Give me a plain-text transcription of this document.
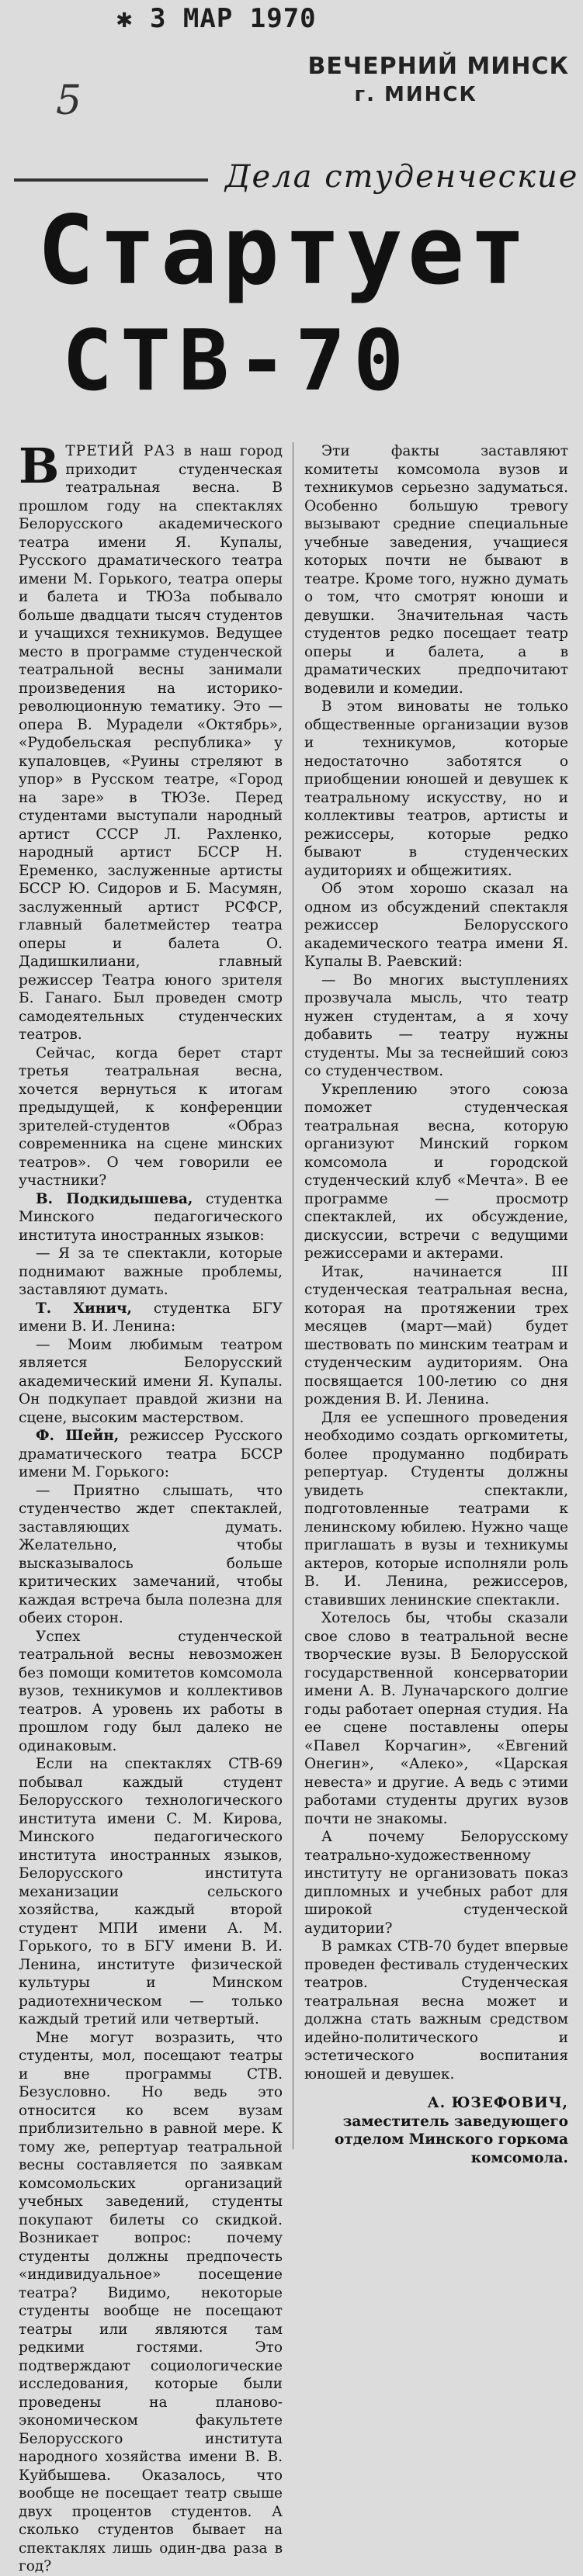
✱ 3 МАР 1970
ВЕЧЕРНИЙ МИНСК
г. МИНСК
5
Дела студенческие
Стартует
СТВ-70

ВТРЕТИЙ РАЗ в наш город приходит студенческая театральная весна. В прошлом году на спектаклях Белорусского академического театра имени Я. Купалы, Русского драматического театра имени М. Горького, театра оперы и балета и ТЮЗа побывало больше двадцати тысяч студентов и учащихся техникумов. Ведущее место в программе студенческой театральной весны занимали произведения на историко-революционную тематику. Это — опера В. Мурадели «Октябрь», «Рудобельская республика» у купаловцев, «Руины стреляют в упор» в Русском театре, «Город на заре» в ТЮЗе. Перед студентами выступали народный артист СССР Л. Рахленко, народный артист БССР Н. Еременко, заслуженные артисты БССР Ю. Сидоров и Б. Масумян, заслуженный артист РСФСР, главный балетмейстер театра оперы и балета О. Дадишкилиани, главный режиссер Театра юного зрителя Б. Ганаго. Был проведен смотр самодеятельных студенческих театров.

Сейчас, когда берет старт третья театральная весна, хочется вернуться к итогам предыдущей, к конференции зрителей-студентов «Образ современника на сцене минских театров». О чем говорили ее участники?

В. Подкидышева, студентка Минского педагогического института иностранных языков:

— Я за те спектакли, которые поднимают важные проблемы, заставляют думать.

Т. Хинич, студентка БГУ имени В. И. Ленина:

— Моим любимым театром является Белорусский академический имени Я. Купалы. Он подкупает правдой жизни на сцене, высоким мастерством.

Ф. Шейн, режиссер Русского драматического театра БССР имени М. Горького:

— Приятно слышать, что студенчество ждет спектаклей, заставляющих думать. Желательно, чтобы высказывалось больше критических замечаний, чтобы каждая встреча была полезна для обеих сторон.

Успех студенческой театральной весны невозможен без помощи комитетов комсомола вузов, техникумов и коллективов театров. А уровень их работы в прошлом году был далеко не одинаковым.

Если на спектаклях СТВ-69 побывал каждый студент Белорусского технологического института имени С. М. Кирова, Минского педагогического института иностранных языков, Белорусского института механизации сельского хозяйства, каждый второй студент МПИ имени А. М. Горького, то в БГУ имени В. И. Ленина, институте физической культуры и Минском радиотехническом — только каждый третий или четвертый.

Мне могут возразить, что студенты, мол, посещают театры и вне программы СТВ. Безусловно. Но ведь это относится ко всем вузам приблизительно в равной мере. К тому же, репертуар театральной весны составляется по заявкам комсомольских организаций учебных заведений, студенты покупают билеты со скидкой. Возникает вопрос: почему студенты должны предпочесть «индивидуальное» посещение театра? Видимо, некоторые студенты вообще не посещают театры или являются там редкими гостями. Это подтверждают социологические исследования, которые были проведены на планово-экономическом факультете Белорусского института народного хозяйства имени В. В. Куйбышева. Оказалось, что вообще не посещает театр свыше двух процентов студентов. А сколько студентов бывает на спектаклях лишь один-два раза в год?

Эти факты заставляют комитеты комсомола вузов и техникумов серьезно задуматься. Особенно большую тревогу вызывают средние специальные учебные заведения, учащиеся которых почти не бывают в театре. Кроме того, нужно думать о том, что смотрят юноши и девушки. Значительная часть студентов редко посещает театр оперы и балета, а в драматических предпочитают водевили и комедии.

В этом виноваты не только общественные организации вузов и техникумов, которые недостаточно заботятся о приобщении юношей и девушек к театральному искусству, но и коллективы театров, артисты и режиссеры, которые редко бывают в студенческих аудиториях и общежитиях.

Об этом хорошо сказал на одном из обсуждений спектакля режиссер Белорусского академического театра имени Я. Купалы В. Раевский:

— Во многих выступлениях прозвучала мысль, что театр нужен студентам, а я хочу добавить — театру нужны студенты. Мы за теснейший союз со студенчеством.

Укреплению этого союза поможет студенческая театральная весна, которую организуют Минский горком комсомола и городской студенческий клуб «Мечта». В ее программе — просмотр спектаклей, их обсуждение, дискуссии, встречи с ведущими режиссерами и актерами.

Итак, начинается III студенческая театральная весна, которая на протяжении трех месяцев (март—май) будет шествовать по минским театрам и студенческим аудиториям. Она посвящается 100-летию со дня рождения В. И. Ленина.

Для ее успешного проведения необходимо создать оргкомитеты, более продуманно подбирать репертуар. Студенты должны увидеть спектакли, подготовленные театрами к ленинскому юбилею. Нужно чаще приглашать в вузы и техникумы актеров, которые исполняли роль В. И. Ленина, режиссеров, ставивших ленинские спектакли.

Хотелось бы, чтобы сказали свое слово в театральной весне творческие вузы. В Белорусской государственной консерватории имени А. В. Луначарского долгие годы работает оперная студия. На ее сцене поставлены оперы «Павел Корчагин», «Евгений Онегин», «Алеко», «Царская невеста» и другие. А ведь с этими работами студенты других вузов почти не знакомы.

А почему Белорусскому театрально-художественному институту не организовать показ дипломных и учебных работ для широкой студенческой аудитории?

В рамках СТВ-70 будет впервые проведен фестиваль студенческих театров. Студенческая театральная весна может и должна стать важным средством идейно-политического и эстетического воспитания юношей и девушек.

А. ЮЗЕФОВИЧ,

заместитель заведующего отделом Минского горкома комсомола.
